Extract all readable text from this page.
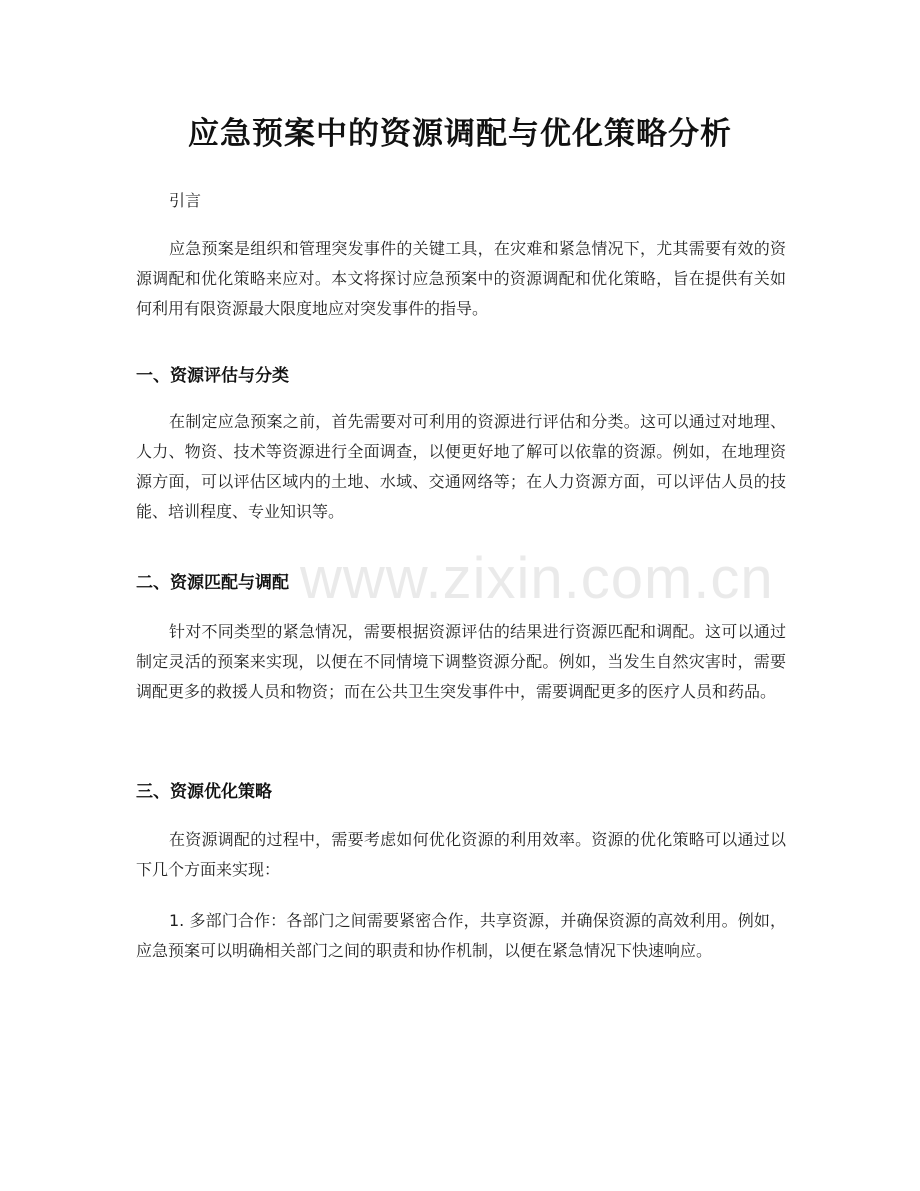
应急预案中的资源调配与优化策略分析

引言

应急预案是组织和管理突发事件的关键工具，在灾难和紧急情况下，尤其需要有效的资源调配和优化策略来应对。本文将探讨应急预案中的资源调配和优化策略，旨在提供有关如何利用有限资源最大限度地应对突发事件的指导。

一、资源评估与分类

在制定应急预案之前，首先需要对可利用的资源进行评估和分类。这可以通过对地理、人力、物资、技术等资源进行全面调查，以便更好地了解可以依靠的资源。例如，在地理资源方面，可以评估区域内的土地、水域、交通网络等；在人力资源方面，可以评估人员的技能、培训程度、专业知识等。

二、资源匹配与调配

针对不同类型的紧急情况，需要根据资源评估的结果进行资源匹配和调配。这可以通过制定灵活的预案来实现，以便在不同情境下调整资源分配。例如，当发生自然灾害时，需要调配更多的救援人员和物资；而在公共卫生突发事件中，需要调配更多的医疗人员和药品。

三、资源优化策略

在资源调配的过程中，需要考虑如何优化资源的利用效率。资源的优化策略可以通过以下几个方面来实现：

1. 多部门合作：各部门之间需要紧密合作，共享资源，并确保资源的高效利用。例如，应急预案可以明确相关部门之间的职责和协作机制，以便在紧急情况下快速响应。

www.zixin.com.cn
